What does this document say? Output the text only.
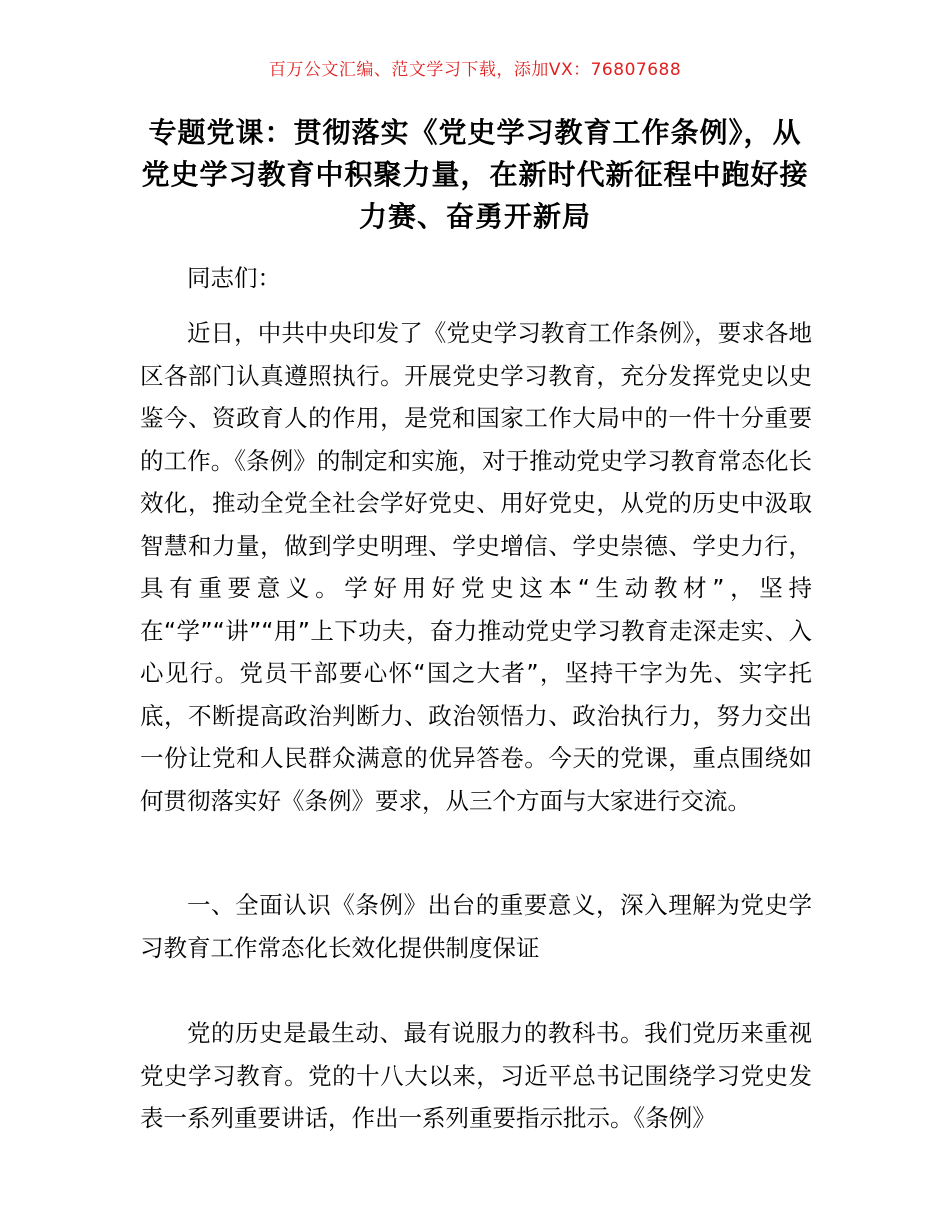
百万公文汇编、范文学习下载，添加VX：76807688
专题党课：贯彻落实《党史学习教育工作条例》，从党史学习教育中积聚力量，在新时代新征程中跑好接力赛、奋勇开新局

同志们：

近日，中共中央印发了《党史学习教育工作条例》，要求各地区各部门认真遵照执行。开展党史学习教育，充分发挥党史以史鉴今、资政育人的作用，是党和国家工作大局中的一件十分重要的工作。《条例》的制定和实施，对于推动党史学习教育常态化长效化，推动全党全社会学好党史、用好党史，从党的历史中汲取智慧和力量，做到学史明理、学史增信、学史崇德、学史力行，具有重要意义。学好用好党史这本“生动教材”，坚持在“学”“讲”“用”上下功夫，奋力推动党史学习教育走深走实、入心见行。党员干部要心怀“国之大者”，坚持干字为先、实字托底，不断提高政治判断力、政治领悟力、政治执行力，努力交出一份让党和人民群众满意的优异答卷。今天的党课，重点围绕如何贯彻落实好《条例》要求，从三个方面与大家进行交流。

一、全面认识《条例》出台的重要意义，深入理解为党史学习教育工作常态化长效化提供制度保证

党的历史是最生动、最有说服力的教科书。我们党历来重视党史学习教育。党的十八大以来，习近平总书记围绕学习党史发表一系列重要讲话，作出一系列重要指示批示。《条例》
